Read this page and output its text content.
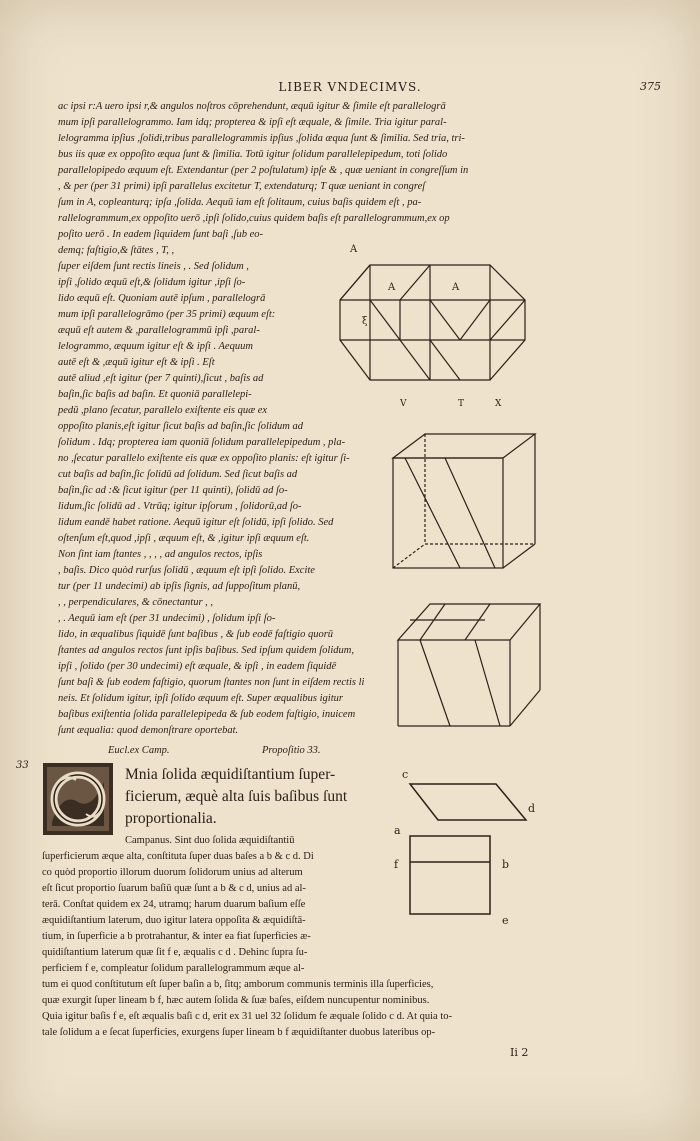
LIBER VNDECIMVS.	375
ac ipsi r:A uero ipsi r,& angulos noſtros cōprehendunt, æquū igitur & ſimile eſt parallelogrā
mum ipſi parallelogrammo. Iam idq; propterea & ipſi eſt æquale, & ſimile. Tria igitur paral-
lelogramma ipſius ,ſolidi,tribus parallelogrammis ipſius ,ſolida æqua ſunt & ſimilia. Sed tria, tri-
bus iis quæ ex oppoſito æqua ſunt & ſimilia. Totū igitur ſolidum parallelepipedum, toti ſolido
parallelopipedo æquum eſt. Extendantur (per 2 poſtulatum) ipſe & , quæ ueniant in congreſſum in
, & per (per 31 primi) ipſi parallelus excitetur T, extendaturq; T quæ ueniant in congreſ
ſum in A, copleanturq; ipſa ,ſolida. Aequū iam eſt ſolitaum, cuius baſis quidem eſt , pa-
rallelogrammum,ex oppoſito uerō ,ipſi ſolido,cuius quidem baſis eſt parallelogrammum,ex op
poſito uerō . In eadem ſiquidem ſunt baſi ,ſub eo-
demq; faſtigio,& ſtātes , T, ,
ſuper eiſdem ſunt rectis lineis , . Sed ſolidum ,
ipſi ,ſolido æquū eſt,& ſolidum igitur ,ipſi ſo-
lido æquū eſt. Quoniam autē ipſum , parallelogrā
mum ipſi parallelogrāmo (per 35 primi) æquum eſt:
æquū eſt autem & ,parallelogrammū ipſi ,paral-
lelogrammo, æquum igitur eſt & ipſi . Aequum
autē eſt & ,æquū igitur eſt & ipſi . Eſt
autē aliud ,eſt igitur (per 7 quinti),ſicut , baſis ad
baſin,ſic baſis ad baſin. Et quoniā parallelepi-
pedū ,plano ſecatur, parallelo exiſtente eis quæ ex
oppoſito planis,eſt igitur ſicut baſis ad baſin,ſic ſolidum ad
ſolidum . Idq; propterea iam quoniā ſolidum parallelepipedum , pla-
no ,ſecatur parallelo exiſtente eis quæ ex oppoſito planis: eſt igitur ſi-
cut baſis ad baſin,ſic ſolidū ad ſolidum. Sed ſicut baſis ad
baſin,ſic ad :& ſicut igitur (per 11 quinti), ſolidū ad ſo-
lidum,ſic ſolidū ad . Vtrūq; igitur ipſorum , ſolidorū,ad ſo-
lidum eandē habet ratione. Aequū igitur eſt ſolidū, ipſi ſolido. Sed
oſtenſum eſt,quod ,ipſi , æquum eſt, & ,igitur ipſi æquum eſt.
Non ſint iam ſtantes , , , , ad angulos rectos, ipſis
, baſis. Dico quòd rurſus ſolidū , æquum eſt ipſi ſolido. Excite
tur (per 11 undecimi) ab ipſis ſignis, ad ſuppoſitum planū,
, , perpendiculares, & cōnectantur , ,
, . Aequū iam eſt (per 31 undecimi) , ſolidum ipſi ſo-
lido, in æqualibus ſiquidē ſunt baſibus , & ſub eodē faſtigio quorū
ſtantes ad angulos rectos ſunt ipſis baſibus. Sed ipſum quidem ſolidum,
ipſi , ſolido (per 30 undecimi) eſt æquale, & ipſi , in eadem ſiquidē
ſunt baſi & ſub eodem faſtigio, quorum ſtantes non ſunt in eiſdem rectis li
neis. Et ſolidum igitur, ipſi ſolido æquum eſt. Super æqualibus igitur
baſibus exiſtentia ſolida parallelepipeda & ſub eodem faſtigio, inuicem
ſunt æqualia: quod demonſtrare oportebat.
Eucl.ex Camp.	Propoſitio 33.
33
Mnia ſolida æquidiſtantium ſuper-
ficierum, æquè alta ſuis baſibus ſunt
proportionalia.
Campanus. Sint duo ſolida æquidiſtantiū
ſuperficierum æque alta, conſtituta ſuper duas baſes a b & c d. Di
co quòd proportio illorum duorum ſolidorum unius ad alterum
eſt ſicut proportio ſuarum baſiū quæ ſunt a b & c d, unius ad al-
terā. Conſtat quidem ex 24, utramq; harum duarum baſium eſſe
æquidiſtantium laterum, duo igitur latera oppoſita & æquidiſtā-
tium, in ſuperficie a b protrahantur, & inter ea fiat ſuperficies æ-
quidiſtantium laterum quæ ſit f e, æqualis c d . Dehinc ſupra ſu-
perficiem f e, compleatur ſolidum parallelogrammum æque al-
tum ei quod conſtitutum eſt ſuper baſin a b, ſitq; amborum communis terminis illa ſuperficies,
quæ exurgit ſuper lineam b f, hæc autem ſolida & ſuæ baſes, eiſdem nuncupentur nominibus.
Quia igitur baſis f e, eſt æqualis baſi c d, erit ex 31 uel 32 ſolidum fe æquale ſolido c d. At quia to-
tale ſolidum a e ſecat ſuperficies, exurgens ſuper lineam b f æquidiſtanter duobus lateribus op-
Ii 2
A
A	A
ξ
V	T	X
c
d
a
f	b
e
